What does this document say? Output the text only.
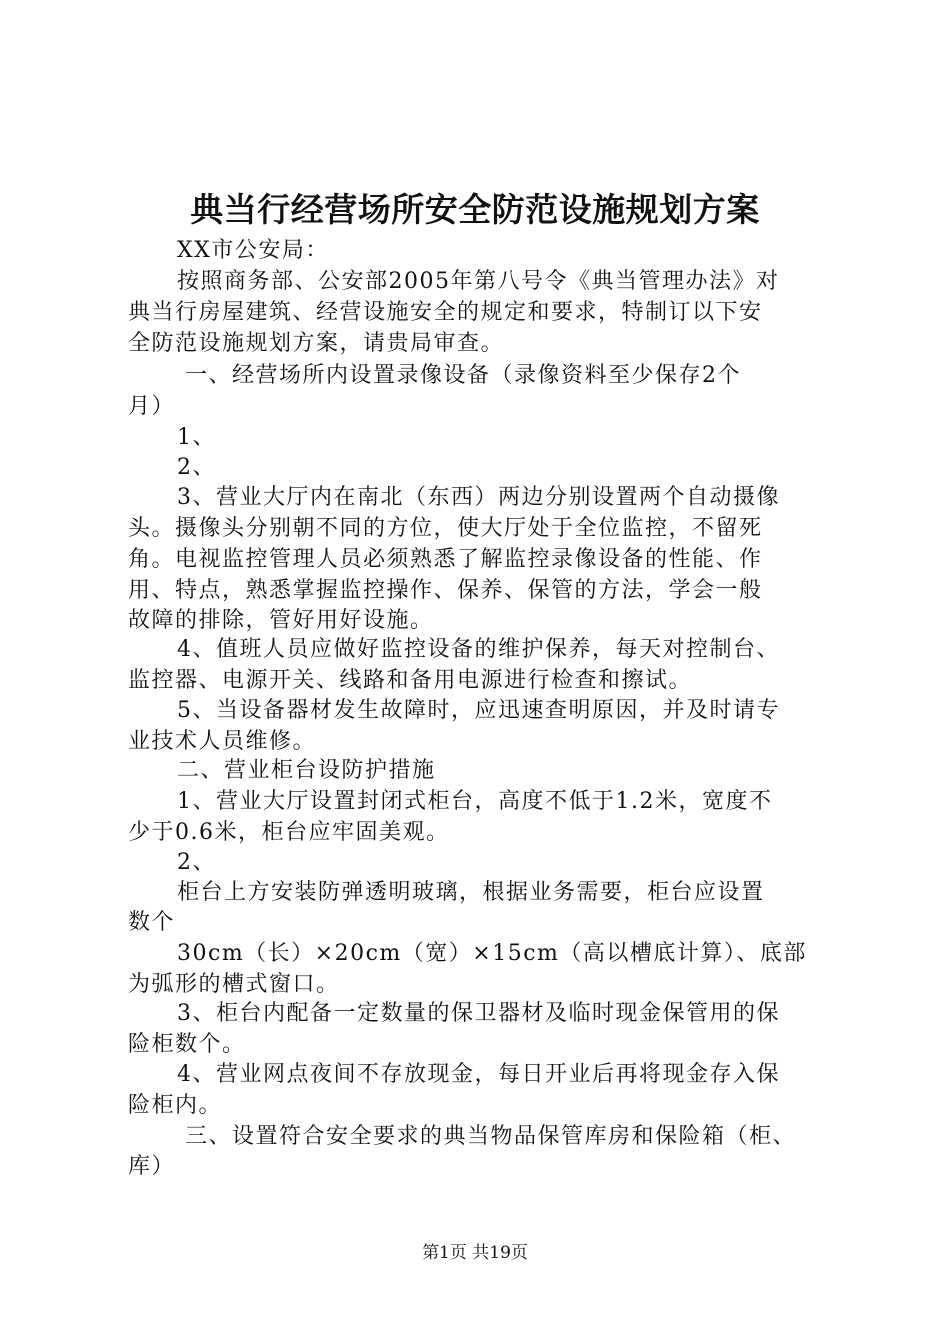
典当行经营场所安全防范设施规划方案
XX市公安局：
按照商务部、公安部2005年第八号令《典当管理办法》对
典当行房屋建筑、经营设施安全的规定和要求，特制订以下安
全防范设施规划方案，请贵局审查。
一、经营场所内设置录像设备（录像资料至少保存2个
月）
1、
2、
3、营业大厅内在南北（东西）两边分别设置两个自动摄像
头。摄像头分别朝不同的方位，使大厅处于全位监控，不留死
角。电视监控管理人员必须熟悉了解监控录像设备的性能、作
用、特点，熟悉掌握监控操作、保养、保管的方法，学会一般
故障的排除，管好用好设施。
4、值班人员应做好监控设备的维护保养，每天对控制台、
监控器、电源开关、线路和备用电源进行检查和擦试。
5、当设备器材发生故障时，应迅速查明原因，并及时请专
业技术人员维修。
二、营业柜台设防护措施
1、营业大厅设置封闭式柜台，高度不低于1.2米，宽度不
少于0.6米，柜台应牢固美观。
2、
柜台上方安装防弹透明玻璃，根据业务需要，柜台应设置
数个
30cm（长）×20cm（宽）×15cm（高以槽底计算）、底部
为弧形的槽式窗口。
3、柜台内配备一定数量的保卫器材及临时现金保管用的保
险柜数个。
4、营业网点夜间不存放现金，每日开业后再将现金存入保
险柜内。
三、设置符合安全要求的典当物品保管库房和保险箱（柜、
库）
第1页 共19页
